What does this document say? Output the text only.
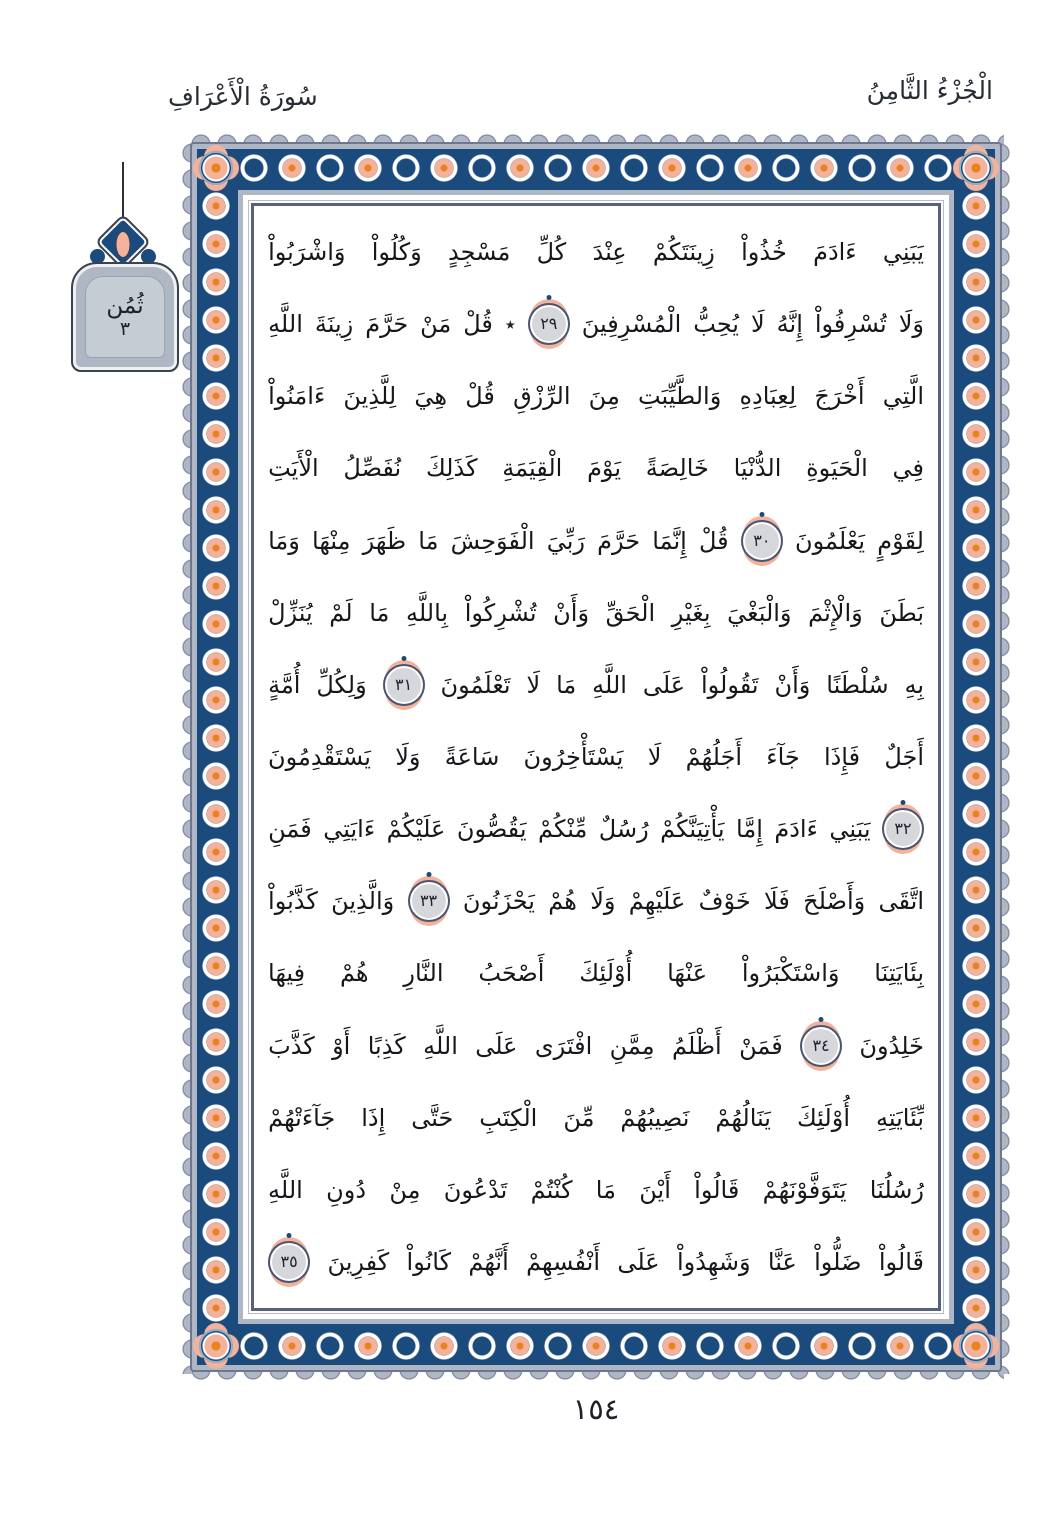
الْجُزْءُ الثَّامِنُ
سُورَةُ الْأَعْرَافِ
ثُمُن
٣
يَبَنِي
ءَادَمَ
خُذُواْ
زِينَتَكُمْ
عِنْدَ
كُلِّ
مَسْجِدٍ
وَكُلُواْ
وَاشْرَبُواْ
وَلَا
تُسْرِفُواْ
إِنَّهُ
لَا
يُحِبُّ
الْمُسْرِفِينَ
٢٩
٭
قُلْ
مَنْ
حَرَّمَ
زِينَةَ
اللَّهِ
الَّتِي
أَخْرَجَ
لِعِبَادِهِ
وَالطَّيِّبَتِ
مِنَ
الرِّزْقِ
قُلْ
هِيَ
لِلَّذِينَ
ءَامَنُواْ
فِي
الْحَيَوةِ
الدُّنْيَا
خَالِصَةً
يَوْمَ
الْقِيَمَةِ
كَذَلِكَ
نُفَصِّلُ
الْأَيَتِ
لِقَوْمٍ
يَعْلَمُونَ
٣٠
قُلْ
إِنَّمَا
حَرَّمَ
رَبِّيَ
الْفَوَحِشَ
مَا
ظَهَرَ
مِنْهَا
وَمَا
بَطَنَ
وَالْإِثْمَ
وَالْبَغْيَ
بِغَيْرِ
الْحَقِّ
وَأَنْ
تُشْرِكُواْ
بِاللَّهِ
مَا
لَمْ
يُنَزِّلْ
بِهِ
سُلْطَنًا
وَأَنْ
تَقُولُواْ
عَلَى
اللَّهِ
مَا
لَا
تَعْلَمُونَ
٣١
وَلِكُلِّ
أُمَّةٍ
أَجَلٌ
فَإِذَا
جَآءَ
أَجَلُهُمْ
لَا
يَسْتَأْخِرُونَ
سَاعَةً
وَلَا
يَسْتَقْدِمُونَ
٣٢
يَبَنِي
ءَادَمَ
إِمَّا
يَأْتِيَنَّكُمْ
رُسُلٌ
مِّنْكُمْ
يَقُصُّونَ
عَلَيْكُمْ
ءَايَتِي
فَمَنِ
اتَّقَى
وَأَصْلَحَ
فَلَا
خَوْفٌ
عَلَيْهِمْ
وَلَا
هُمْ
يَحْزَنُونَ
٣٣
وَالَّذِينَ
كَذَّبُواْ
بِئَايَتِنَا
وَاسْتَكْبَرُواْ
عَنْهَا
أُوْلَئِكَ
أَصْحَبُ
النَّارِ
هُمْ
فِيهَا
خَلِدُونَ
٣٤
فَمَنْ
أَظْلَمُ
مِمَّنِ
افْتَرَى
عَلَى
اللَّهِ
كَذِبًا
أَوْ
كَذَّبَ
بِّئَايَتِهِ
أُوْلَئِكَ
يَنَالُهُمْ
نَصِيبُهُمْ
مِّنَ
الْكِتَبِ
حَتَّى
إِذَا
جَآءَتْهُمْ
رُسُلُنَا
يَتَوَفَّوْنَهُمْ
قَالُواْ
أَيْنَ
مَا
كُنْتُمْ
تَدْعُونَ
مِنْ
دُونِ
اللَّهِ
قَالُواْ
ضَلُّواْ
عَنَّا
وَشَهِدُواْ
عَلَى
أَنْفُسِهِمْ
أَنَّهُمْ
كَانُواْ
كَفِرِينَ
٣٥
١٥٤
